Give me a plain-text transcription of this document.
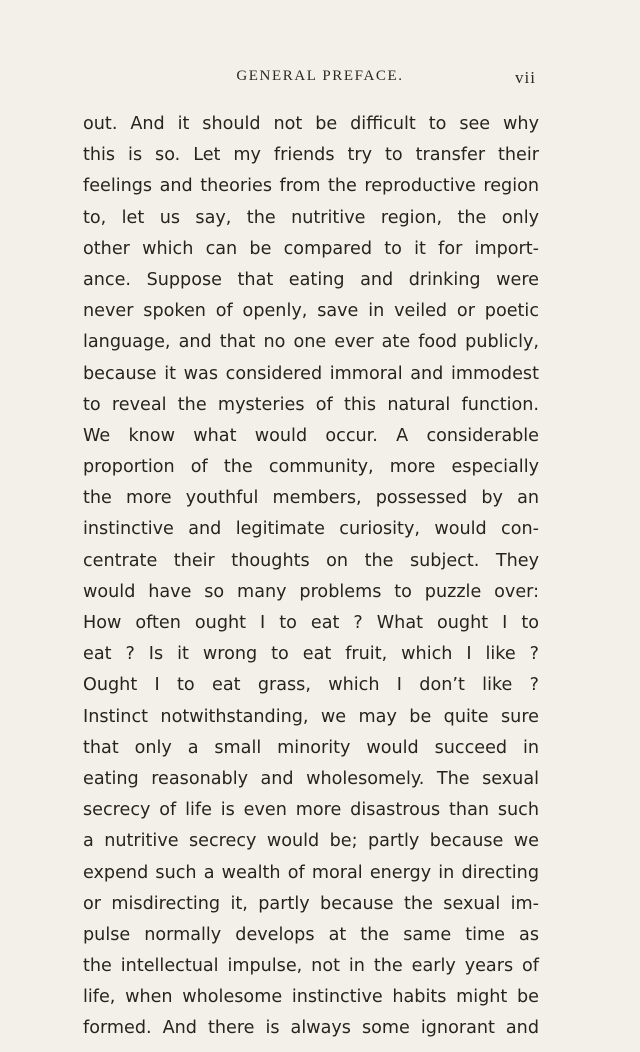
GENERAL PREFACE.	vii
out. And it should not be difficult to see why
this is so. Let my friends try to transfer their
feelings and theories from the reproductive region
to, let us say, the nutritive region, the only
other which can be compared to it for import-
ance. Suppose that eating and drinking were
never spoken of openly, save in veiled or poetic
language, and that no one ever ate food publicly,
because it was considered immoral and immodest
to reveal the mysteries of this natural function.
We know what would occur. A considerable
proportion of the community, more especially
the more youthful members, possessed by an
instinctive and legitimate curiosity, would con-
centrate their thoughts on the subject. They
would have so many problems to puzzle over:
How often ought I to eat ? What ought I to
eat ? Is it wrong to eat fruit, which I like ?
Ought I to eat grass, which I don’t like ?
Instinct notwithstanding, we may be quite sure
that only a small minority would succeed in
eating reasonably and wholesomely. The sexual
secrecy of life is even more disastrous than such
a nutritive secrecy would be; partly because we
expend such a wealth of moral energy in directing
or misdirecting it, partly because the sexual im-
pulse normally develops at the same time as
the intellectual impulse, not in the early years of
life, when wholesome instinctive habits might be
formed. And there is always some ignorant and
